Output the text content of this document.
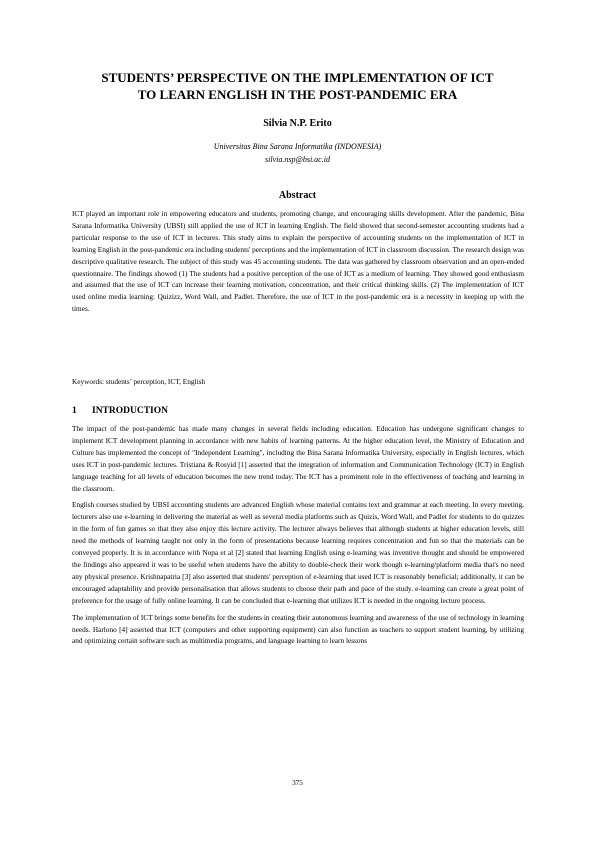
STUDENTS’ PERSPECTIVE ON THE IMPLEMENTATION OF ICT
TO LEARN ENGLISH IN THE POST-PANDEMIC ERA

Silvia N.P. Erito

Universitas Bina Sarana Informatika (INDONESIA)
silvia.nsp@bsi.ac.id
Abstract

ICT played an important role in empowering educators and students, promoting change, and encouraging skills development. After the pandemic, Bina Sarana Informatika University (UBSI) still applied the use of ICT in learning English. The field showed that second-semester accounting students had a particular response to the use of ICT in lectures. This study aims to explain the perspective of accounting students on the implementation of ICT in learning English in the post-pandemic era including students' perceptions and the implementation of ICT in classroom discussion. The research design was descriptive qualitative research. The subject of this study was 45 accounting students. The data was gathered by classroom observation and an open-ended questionnaire. The findings showed (1) The students had a positive perception of the use of ICT as a medium of learning. They showed good enthusiasm and assumed that the use of ICT can increase their learning motivation, concentration, and their critical thinking skills. (2) The implementation of ICT used online media learning: Quizizz, Word Wall, and Padlet. Therefore, the use of ICT in the post-pandemic era is a necessity in keeping up with the times.

Keywords: students’ perception, ICT, English

1 INTRODUCTION

The impact of the post-pandemic has made many changes in several fields including education. Education has undergone significant changes to implement ICT development planning in accordance with new habits of learning patterns. At the higher education level, the Ministry of Education and Culture has implemented the concept of "Independent Learning", including the Bina Sarana Informatika University, especially in English lectures, which uses ICT in post-pandemic lectures. Tristiana & Rosyid [1] asserted that the integration of information and Communication Technology (ICT) in English language teaching for all levels of education becomes the new trend today. The ICT has a prominent role in the effectiveness of teaching and learning in the classroom.

English courses studied by UBSI accounting students are advanced English whose material contains text and grammar at each meeting. In every meeting, lecturers also use e-learning in delivering the material as well as several media platforms such as Quizis, Word Wall, and Padlet for students to do quizzes in the form of fun games so that they also enjoy this lecture activity. The lecturer always believes that although students at higher education levels, still need the methods of learning taught not only in the form of presentations because learning requires concentration and fun so that the materials can be conveyed properly. It is in accordance with Nopa et al [2] stated that learning English using e-learning was inventive thought and should be empowered the findings also appeared it was to be useful when students have the ability to double-check their work though e-learning/platform media that's no need any physical presence. Krishnapatria [3] also asserted that students' perception of e-learning that used ICT is reasonably beneficial; additionally, it can be encouraged adaptability and provide personalisation that allows students to choose their path and pace of the study. e-learning can create a great point of preference for the usage of fully online learning. It can be concluded that e-learning that utilizes ICT is needed in the ongoing lecture process.

The implementation of ICT brings some benefits for the students in creating their autonomous learning and awareness of the use of technology in learning needs. Harlono [4] asserted that ICT (computers and other supporting equipment) can also function as teachers to support student learning, by utilizing and optimizing certain software such as multimedia programs, and language learning to learn lessons

375
